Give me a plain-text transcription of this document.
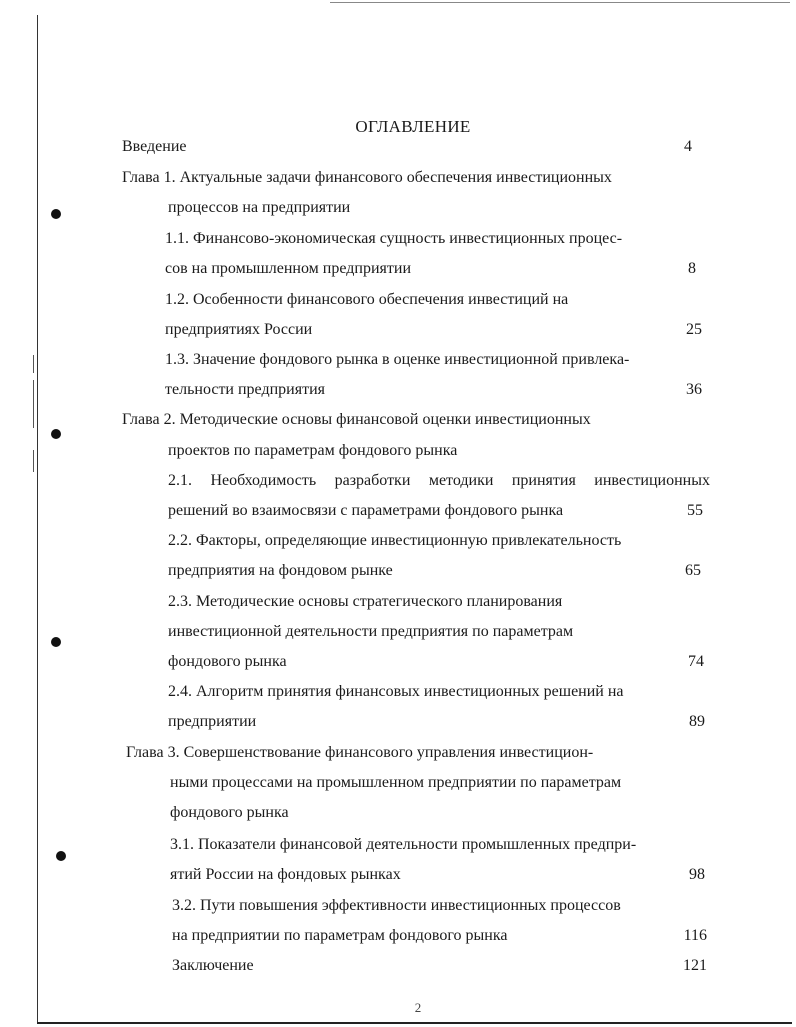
ОГЛАВЛЕНИЕ
Введение	4
Глава 1. Актуальные задачи финансового обеспечения инвестиционных
процессов на предприятии
1.1. Финансово-экономическая сущность инвестиционных процес-
сов на промышленном предприятии	8
1.2. Особенности финансового обеспечения инвестиций на
предприятиях России	25
1.3. Значение фондового рынка в оценке инвестиционной привлека-
тельности предприятия	36
Глава 2. Методические основы финансовой оценки инвестиционных
проектов по параметрам фондового рынка
2.1. Необходимость разработки методики принятия инвестиционных
решений во взаимосвязи с параметрами фондового рынка	55
2.2. Факторы, определяющие инвестиционную привлекательность
предприятия на фондовом рынке	65
2.3. Методические основы стратегического планирования
инвестиционной деятельности предприятия по параметрам
фондового рынка	74
2.4. Алгоритм принятия финансовых инвестиционных решений на
предприятии	89
Глава 3. Совершенствование финансового управления инвестицион-
ными процессами на промышленном предприятии по параметрам
фондового рынка
3.1. Показатели финансовой деятельности промышленных предпри-
ятий России на фондовых рынках	98
3.2. Пути повышения эффективности инвестиционных процессов
на предприятии по параметрам фондового рынка	116
Заключение	121
2
